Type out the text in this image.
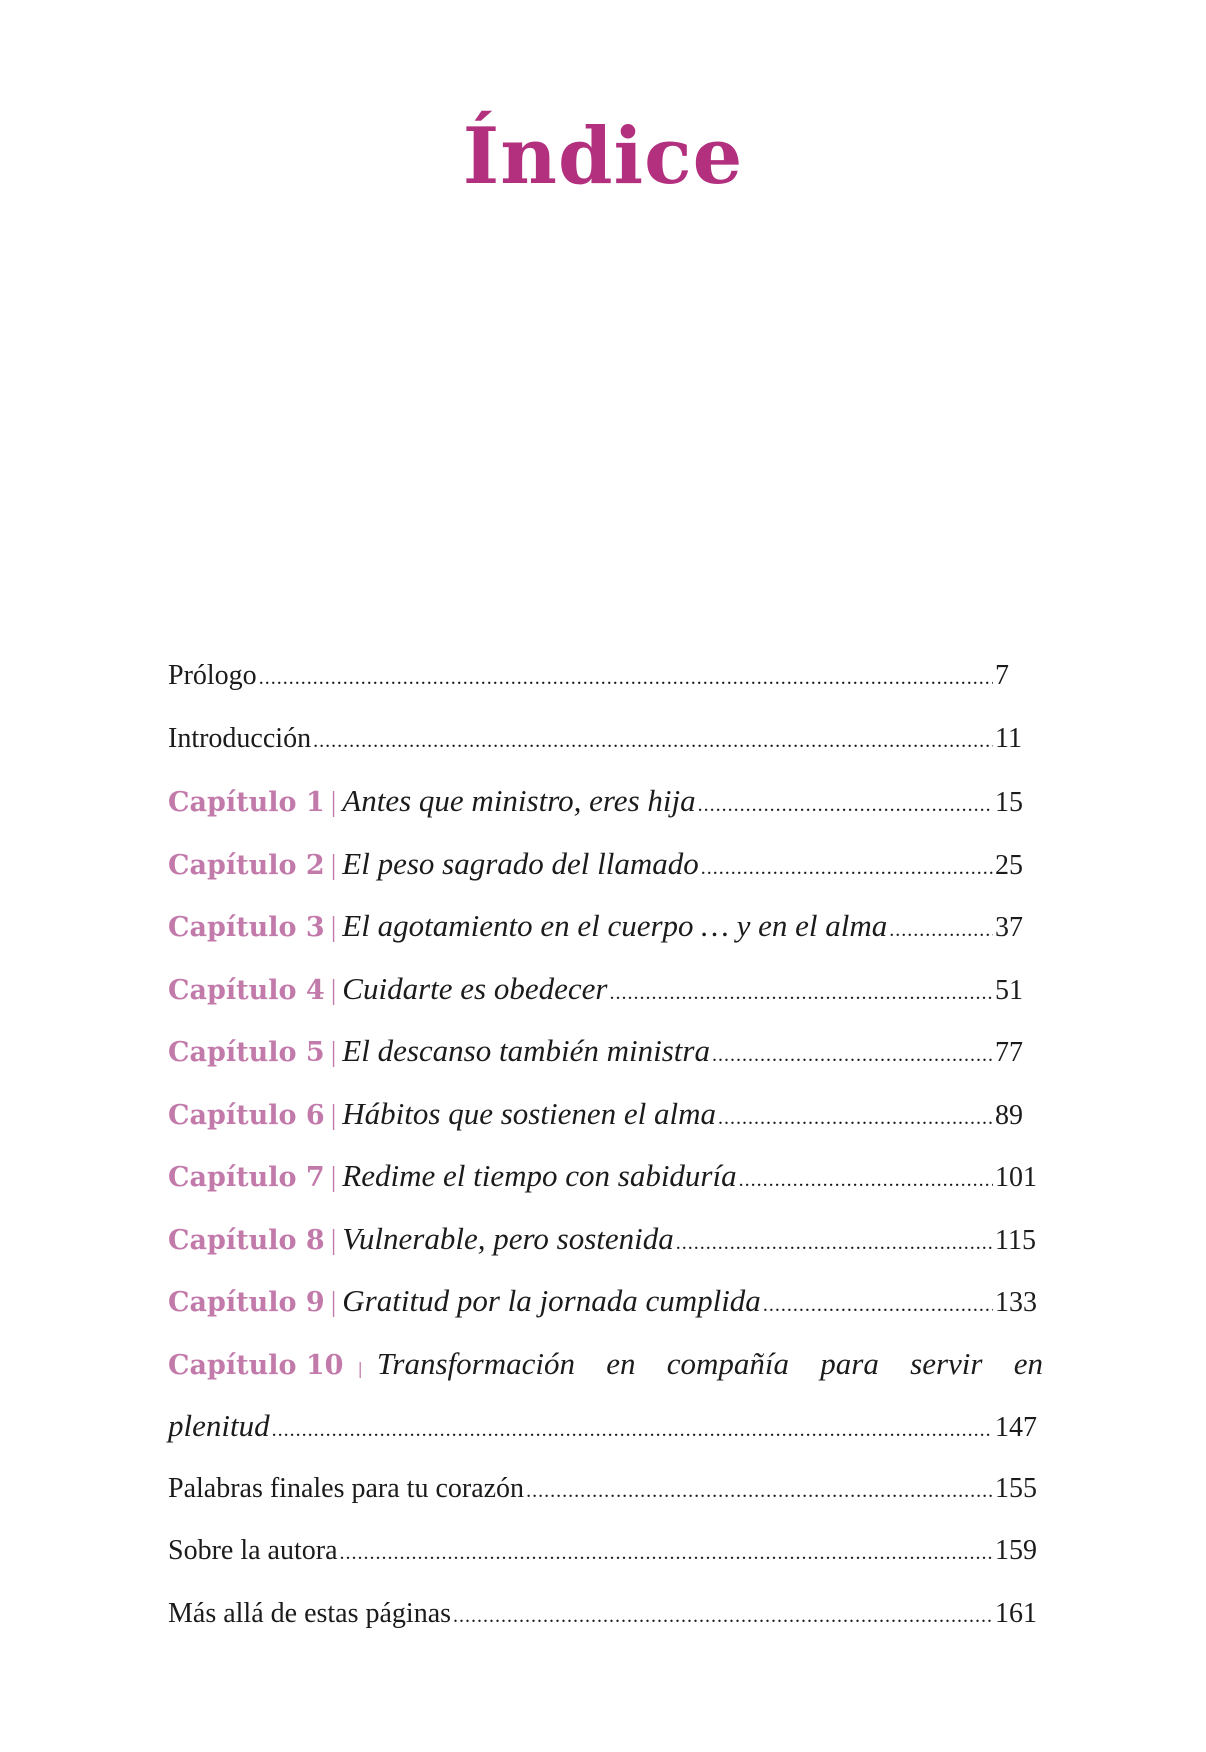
Índice
Prólogo .....	7
Introducción .....	11
Capítulo 1 | Antes que ministro, eres hija .....	15
Capítulo 2 | El peso sagrado del llamado .....	25
Capítulo 3 | El agotamiento en el cuerpo … y en el alma .....	37
Capítulo 4 | Cuidarte es obedecer .....	51
Capítulo 5 | El descanso también ministra .....	77
Capítulo 6 | Hábitos que sostienen el alma .....	89
Capítulo 7 | Redime el tiempo con sabiduría .....	101
Capítulo 8 | Vulnerable, pero sostenida .....	115
Capítulo 9 | Gratitud por la jornada cumplida .....	133
Capítulo 10 | Transformación en compañía para servir en
plenitud .....	147
Palabras finales para tu corazón .....	155
Sobre la autora .....	159
Más allá de estas páginas .....	161
